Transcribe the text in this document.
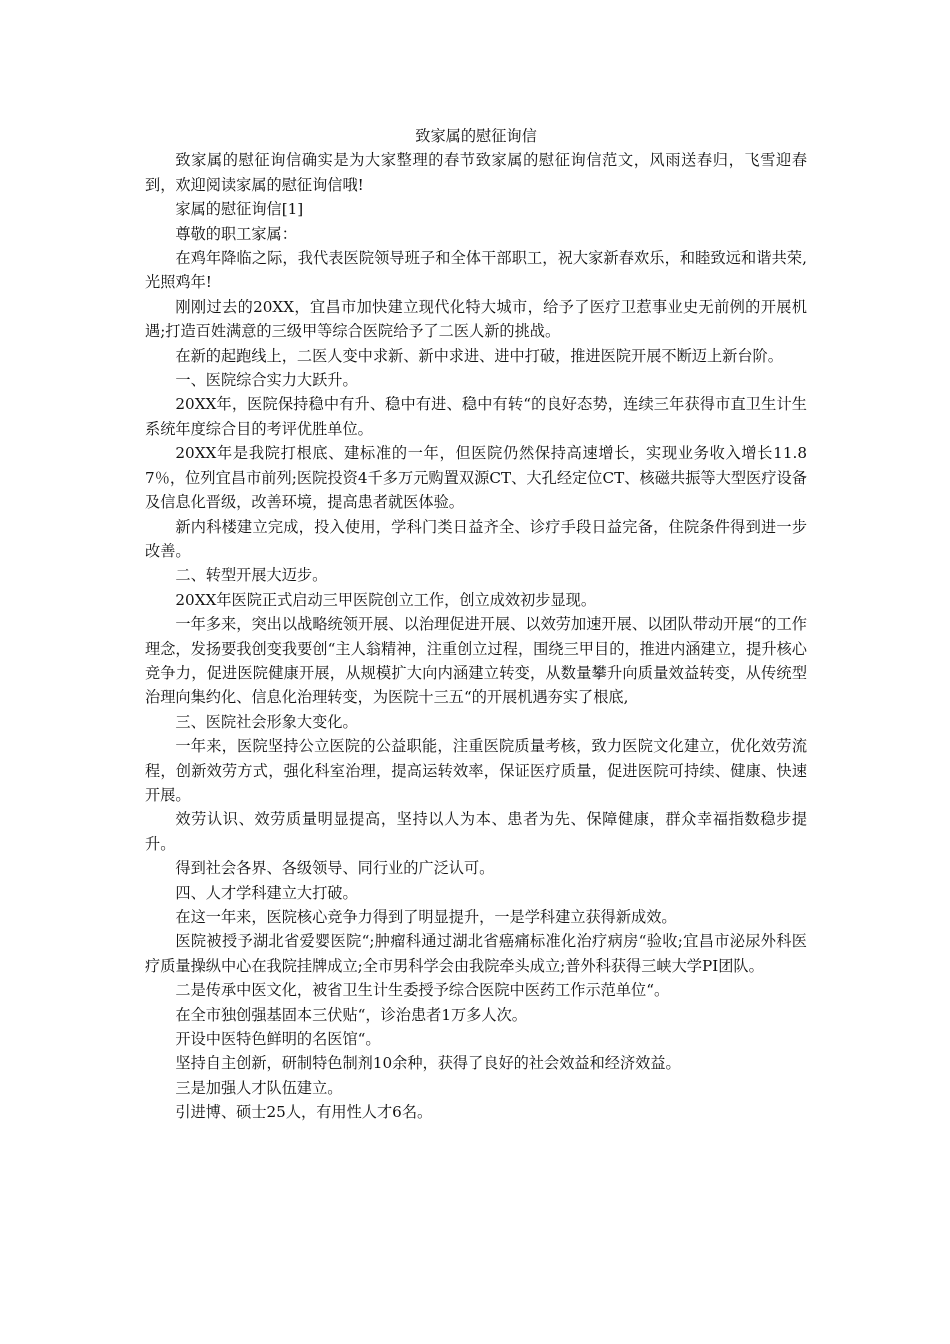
致家属的慰征询信

致家属的慰征询信确实是为大家整理的春节致家属的慰征询信范文，风雨送春归，飞雪迎春到，欢迎阅读家属的慰征询信哦!

家属的慰征询信[1]

尊敬的职工家属：

在鸡年降临之际，我代表医院领导班子和全体干部职工，祝大家新春欢乐，和睦致远和谐共荣,光照鸡年!

刚刚过去的20XX，宜昌市加快建立现代化特大城市，给予了医疗卫惹事业史无前例的开展机遇;打造百姓满意的三级甲等综合医院给予了二医人新的挑战。

在新的起跑线上，二医人变中求新、新中求进、进中打破，推进医院开展不断迈上新台阶。

一、医院综合实力大跃升。

20XX年，医院保持稳中有升、稳中有进、稳中有转“的良好态势，连续三年获得市直卫生计生系统年度综合目的考评优胜单位。

20XX年是我院打根底、建标准的一年，但医院仍然保持高速增长，实现业务收入增长11.87％，位列宜昌市前列;医院投资4千多万元购置双源CT、大孔经定位CT、核磁共振等大型医疗设备及信息化晋级，改善环境，提高患者就医体验。

新内科楼建立完成，投入使用，学科门类日益齐全、诊疗手段日益完备，住院条件得到进一步改善。

二、转型开展大迈步。

20XX年医院正式启动三甲医院创立工作，创立成效初步显现。

一年多来，突出以战略统领开展、以治理促进开展、以效劳加速开展、以团队带动开展“的工作理念，发扬要我创变我要创“主人翁精神，注重创立过程，围绕三甲目的，推进内涵建立，提升核心竞争力，促进医院健康开展，从规模扩大向内涵建立转变，从数量攀升向质量效益转变，从传统型治理向集约化、信息化治理转变，为医院十三五“的开展机遇夯实了根底,

三、医院社会形象大变化。

一年来，医院坚持公立医院的公益职能，注重医院质量考核，致力医院文化建立，优化效劳流程，创新效劳方式，强化科室治理，提高运转效率，保证医疗质量，促进医院可持续、健康、快速开展。

效劳认识、效劳质量明显提高，坚持以人为本、患者为先、保障健康，群众幸福指数稳步提升。

得到社会各界、各级领导、同行业的广泛认可。

四、人才学科建立大打破。

在这一年来，医院核心竞争力得到了明显提升，一是学科建立获得新成效。

医院被授予湖北省爱婴医院“;肿瘤科通过湖北省癌痛标准化治疗病房“验收;宜昌市泌尿外科医疗质量操纵中心在我院挂牌成立;全市男科学会由我院牵头成立;普外科获得三峡大学PI团队。

二是传承中医文化，被省卫生计生委授予综合医院中医药工作示范单位“。

在全市独创强基固本三伏贴“，诊治患者1万多人次。

开设中医特色鲜明的名医馆“。

坚持自主创新，研制特色制剂10余种，获得了良好的社会效益和经济效益。

三是加强人才队伍建立。

引进博、硕士25人，有用性人才6名。
